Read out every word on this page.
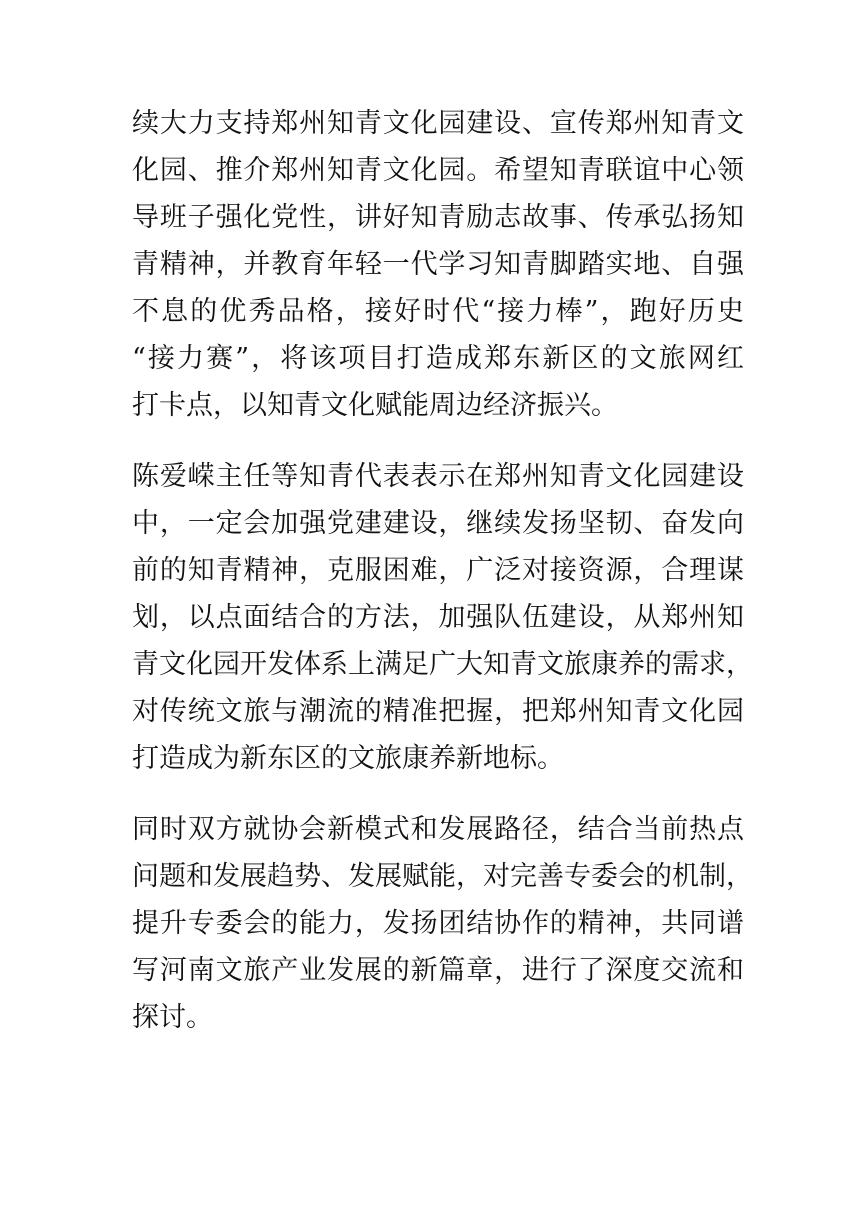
续大力支持郑州知青文化园建设、宣传郑州知青文
化园、推介郑州知青文化园。希望知青联谊中心领
导班子强化党性，讲好知青励志故事、传承弘扬知
青精神，并教育年轻一代学习知青脚踏实地、自强
不息的优秀品格，接好时代“接力棒”，跑好历史
“接力赛”，将该项目打造成郑东新区的文旅网红
打卡点，以知青文化赋能周边经济振兴。

陈爱嵘主任等知青代表表示在郑州知青文化园建设
中，一定会加强党建建设，继续发扬坚韧、奋发向
前的知青精神，克服困难，广泛对接资源，合理谋
划，以点面结合的方法，加强队伍建设，从郑州知
青文化园开发体系上满足广大知青文旅康养的需求，
对传统文旅与潮流的精准把握，把郑州知青文化园
打造成为新东区的文旅康养新地标。

同时双方就协会新模式和发展路径，结合当前热点
问题和发展趋势、发展赋能，对完善专委会的机制，
提升专委会的能力，发扬团结协作的精神，共同谱
写河南文旅产业发展的新篇章，进行了深度交流和
探讨。
